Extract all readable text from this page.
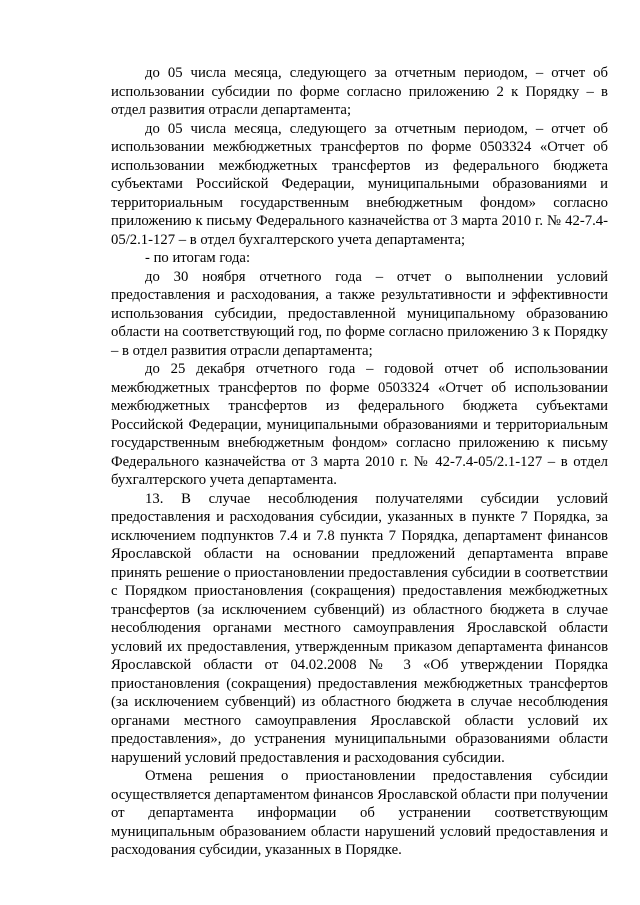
до 05 числа месяца, следующего за отчетным периодом, – отчет об использовании субсидии по форме согласно приложению 2 к Порядку – в отдел развития отрасли департамента;

до 05 числа месяца, следующего за отчетным периодом, – отчет об использовании межбюджетных трансфертов по форме 0503324 «Отчет об использовании межбюджетных трансфертов из федерального бюджета субъектами Российской Федерации, муниципальными образованиями и территориальным государственным внебюджетным фондом» согласно приложению к письму Федерального казначейства от 3 марта 2010 г. № 42-7.4-05/2.1-127 – в отдел бухгалтерского учета департамента;

- по итогам года:

до 30 ноября отчетного года – отчет о выполнении условий предоставления и расходования, а также результативности и эффективности использования субсидии, предоставленной муниципальному образованию области на соответствующий год, по форме согласно приложению 3 к Порядку – в отдел развития отрасли департамента;

до 25 декабря отчетного года – годовой отчет об использовании межбюджетных трансфертов по форме 0503324 «Отчет об использовании межбюджетных трансфертов из федерального бюджета субъектами Российской Федерации, муниципальными образованиями и территориальным государственным внебюджетным фондом» согласно приложению к письму Федерального казначейства от 3 марта 2010 г. № 42-7.4-05/2.1-127 – в отдел бухгалтерского учета департамента.

13. В случае несоблюдения получателями субсидии условий предоставления и расходования субсидии, указанных в пункте 7 Порядка, за исключением подпунктов 7.4 и 7.8 пункта 7 Порядка, департамент финансов Ярославской области на основании предложений департамента вправе принять решение о приостановлении предоставления субсидии в соответствии с Порядком приостановления (сокращения) предоставления межбюджетных трансфертов (за исключением субвенций) из областного бюджета в случае несоблюдения органами местного самоуправления Ярославской области условий их предоставления, утвержденным приказом департамента финансов Ярославской области от 04.02.2008 № 3 «Об утверждении Порядка приостановления (сокращения) предоставления межбюджетных трансфертов (за исключением субвенций) из областного бюджета в случае несоблюдения органами местного самоуправления Ярославской области условий их предоставления», до устранения муниципальными образованиями области нарушений условий предоставления и расходования субсидии.

Отмена решения о приостановлении предоставления субсидии осуществляется департаментом финансов Ярославской области при получении от департамента информации об устранении соответствующим муниципальным образованием области нарушений условий предоставления и расходования субсидии, указанных в Порядке.
